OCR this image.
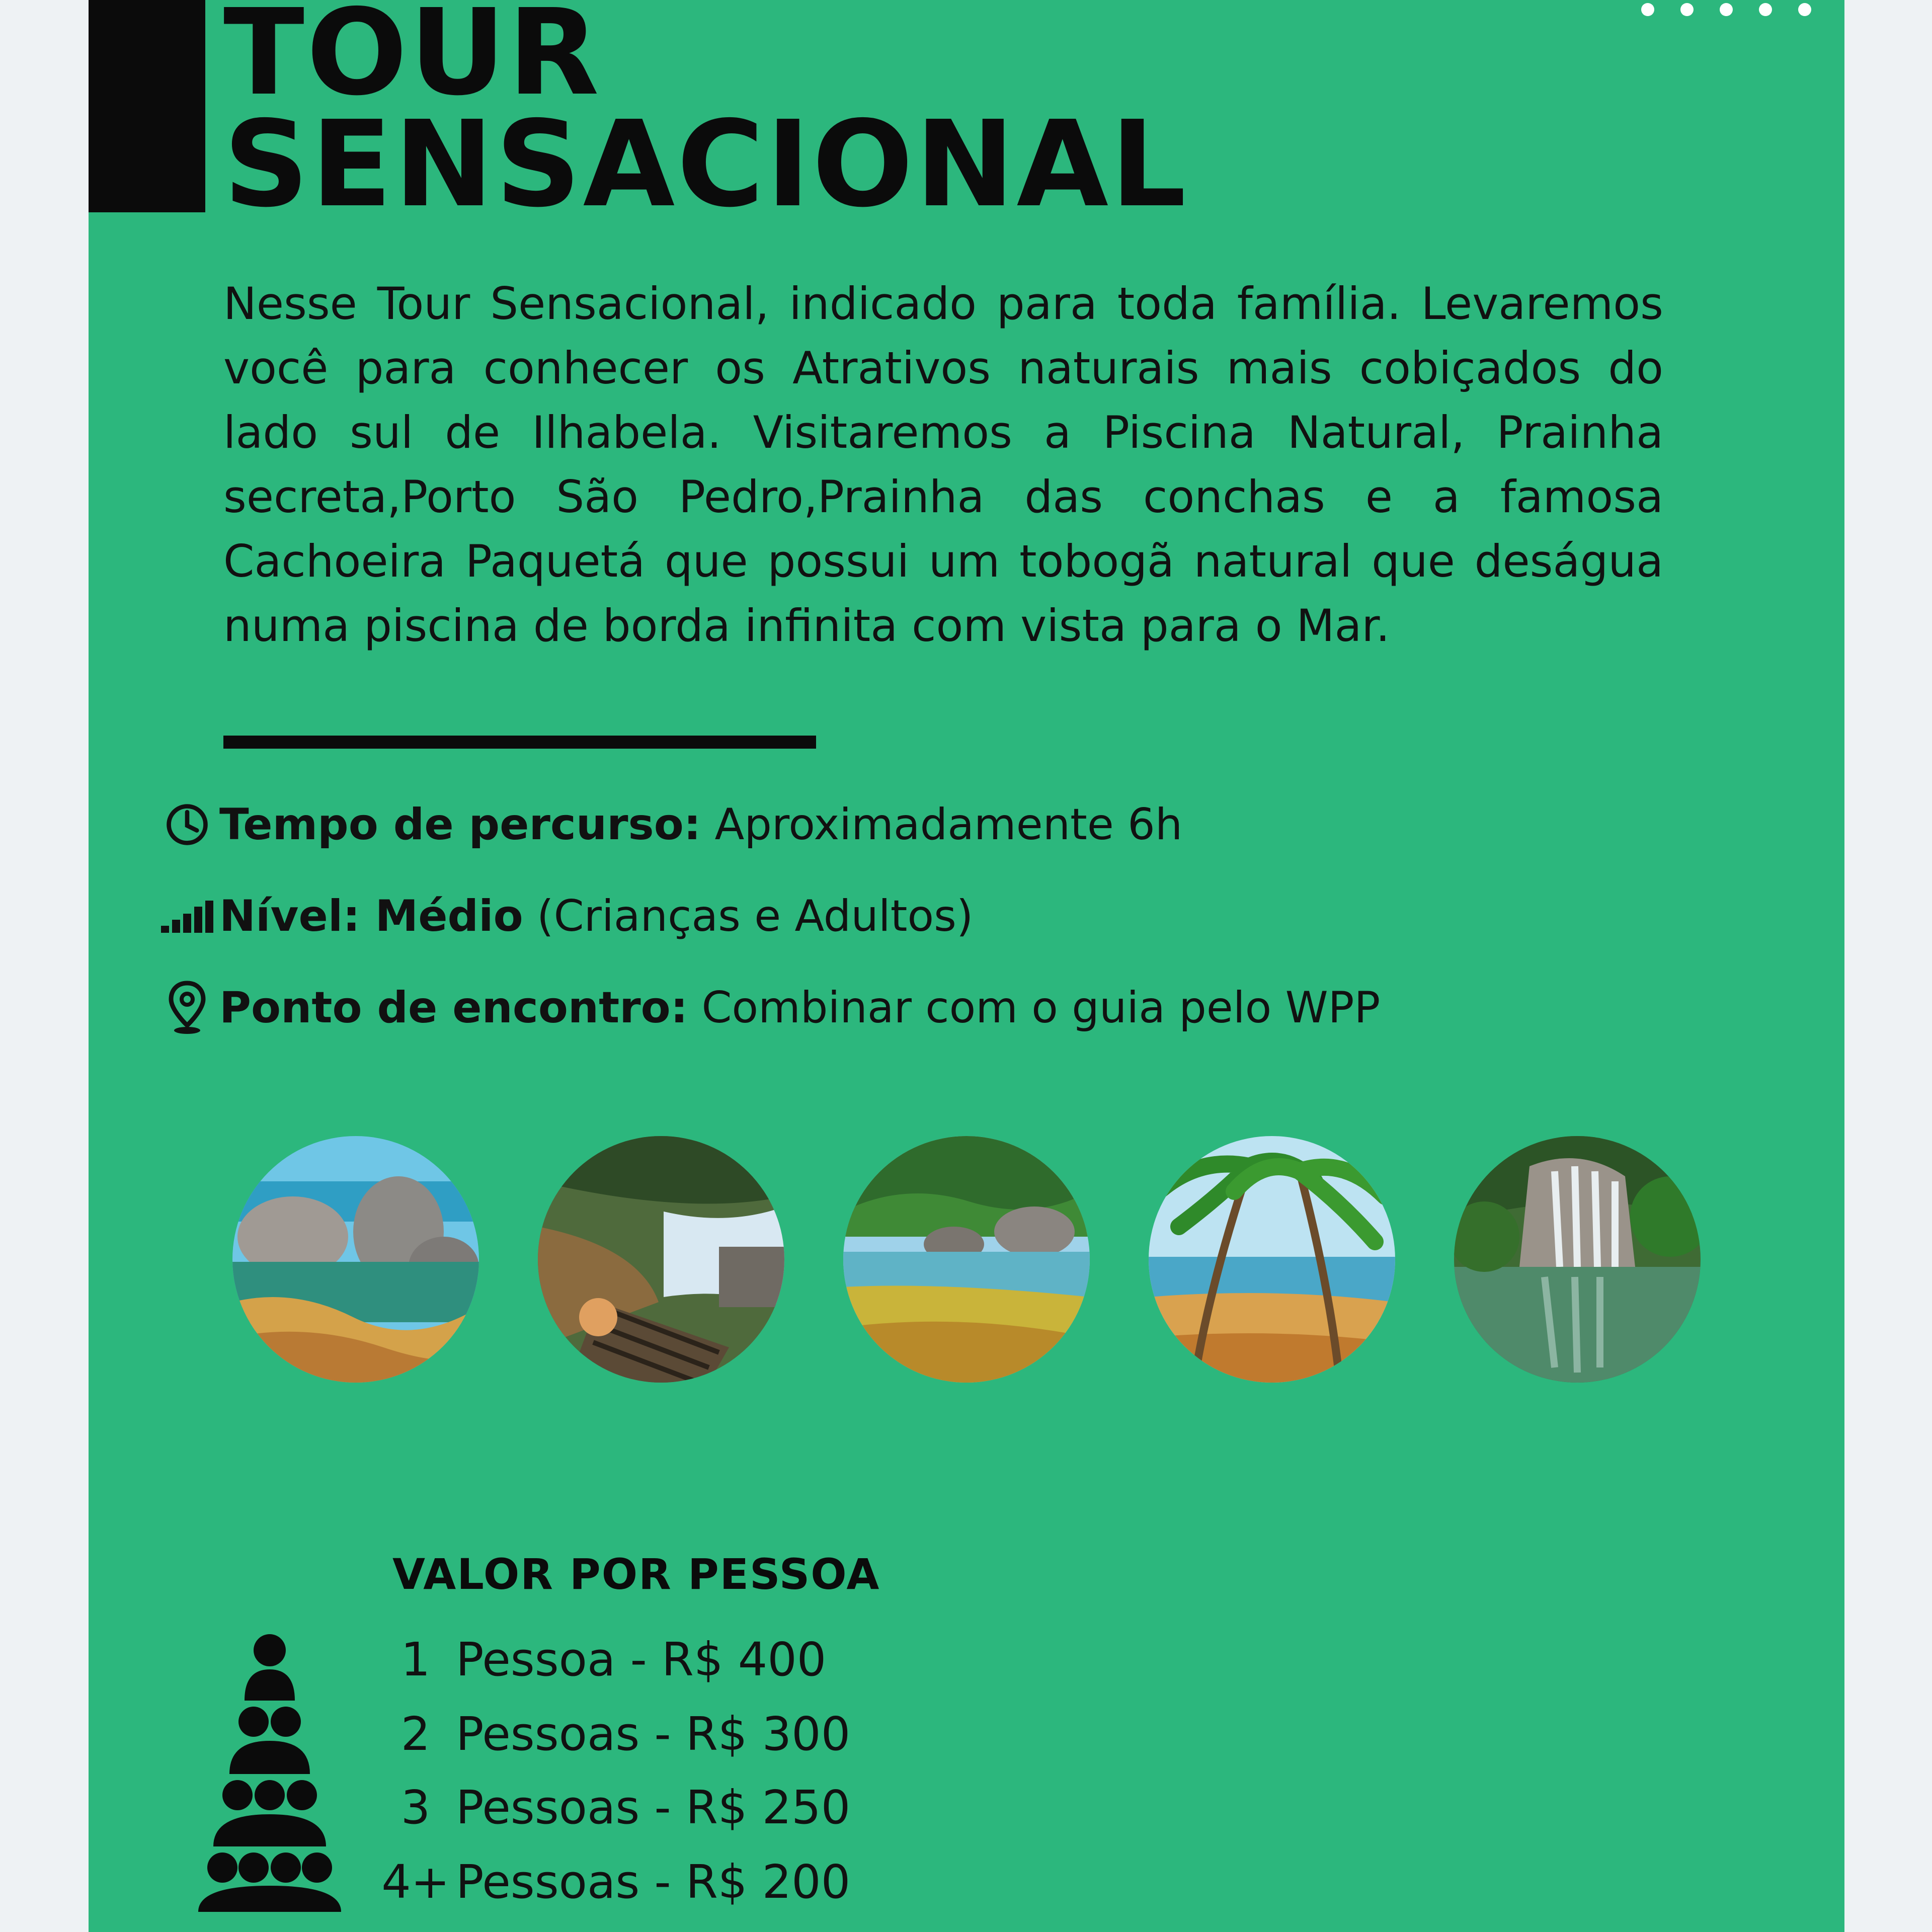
TOUR
SENSACIONAL

Nesse Tour Sensacional, indicado para toda família. Levaremos você para conhecer os Atrativos naturais mais cobiçados do lado sul de Ilhabela. Visitaremos a Piscina Natural, Prainha secreta,Porto São Pedro,Prainha das conchas e a famosa Cachoeira Paquetá que possui um tobogã natural que deságua numa piscina de borda infinita com vista para o Mar.

Tempo de percurso: Aproximadamente 6h
Nível: Médio (Crianças e Adultos)
Ponto de encontro: Combinar com o guia pelo WPP
VALOR POR PESSOA
1 Pessoa - R$ 400
2 Pessoas - R$ 300
3 Pessoas - R$ 250
4+ Pessoas - R$ 200
